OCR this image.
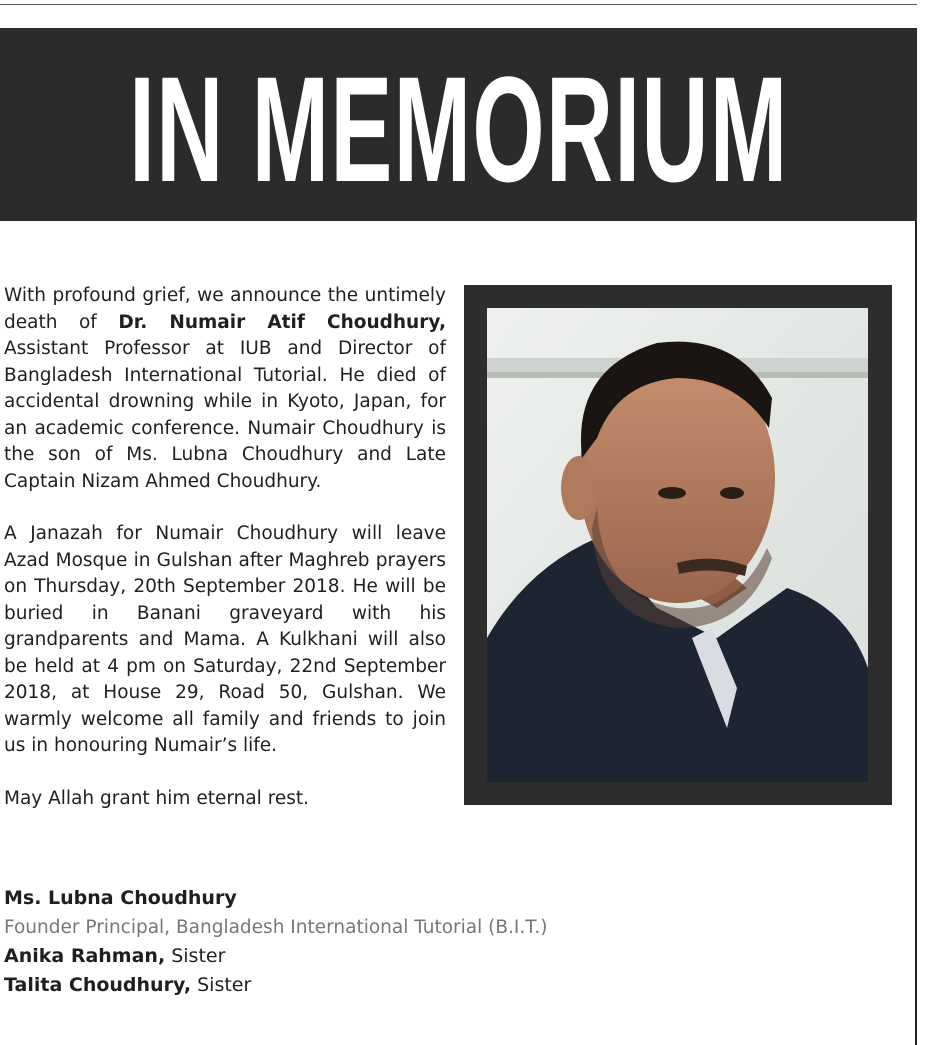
IN MEMORIUM

With profound grief, we announce the untimely death of Dr. Numair Atif Choudhury, Assistant Professor at IUB and Director of Bangladesh International Tutorial. He died of accidental drowning while in Kyoto, Japan, for an academic conference. Numair Choudhury is the son of Ms. Lubna Choudhury and Late Captain Nizam Ahmed Choudhury.

A Janazah for Numair Choudhury will leave Azad Mosque in Gulshan after Maghreb prayers on Thursday, 20th September 2018. He will be buried in Banani graveyard with his grandparents and Mama. A Kulkhani will also be held at 4 pm on Saturday, 22nd September 2018, at House 29, Road 50, Gulshan. We warmly welcome all family and friends to join us in honouring Numair’s life.

May Allah grant him eternal rest.

Ms. Lubna Choudhury
Founder Principal, Bangladesh International Tutorial (B.I.T.)
Anika Rahman, Sister
Talita Choudhury, Sister
